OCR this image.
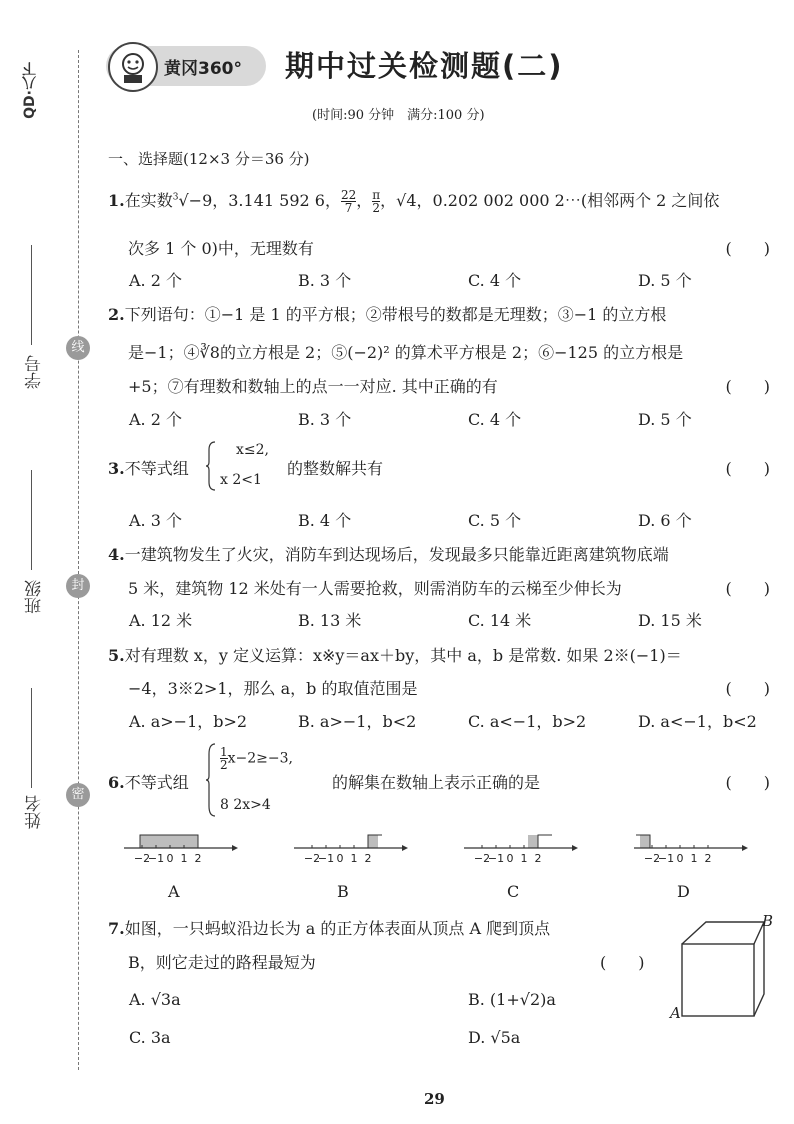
QD·八下
学号
班级
姓名
线
封
密
黄冈360° 期中过关检测题(二)
(时间:90 分钟　满分:100 分)
一、选择题(12×3 分＝36 分)
1.在实数$^3$√−9，3.141 592 6， $\frac{22}{7}$ ， $\frac{\pi}{2}$ ，√4，0.202 002 000 2⋯(相邻两个 2 之间依
次多 1 个 0)中，无理数有	(　　)
A. 2 个	B. 3 个	C. 4 个	D. 5 个
2.下列语句：①−1 是 1 的平方根；②带根号的数都是无理数；③−1 的立方根
是−1；④∛8的立方根是 2；⑤(−2)² 的算术平方根是 2；⑥−125 的立方根是
+5；⑦有理数和数轴上的点一一对应. 其中正确的有	(　　)
A. 2 个	B. 3 个	C. 4 个	D. 5 个
3.不等式组
x≤2,
x 2<1
的整数解共有	(　　)
A. 3 个	B. 4 个	C. 5 个	D. 6 个
4.一建筑物发生了火灾，消防车到达现场后，发现最多只能靠近距离建筑物底端
5 米，建筑物 12 米处有一人需要抢救，则需消防车的云梯至少伸长为	(　　)
A. 12 米	B. 13 米	C. 14 米	D. 15 米
5.对有理数 x，y 定义运算：x※y＝ax＋by，其中 a，b 是常数. 如果 2※(−1)＝
−4，3※2>1，那么 a，b 的取值范围是	(　　)
A. a>−1，b>2	B. a>−1，b<2	C. a<−1，b>2	D. a<−1，b<2
6.不等式组
$\frac{1}{2} x-2\ge-3$,
8 2x>4
的解集在数轴上表示正确的是	(　　)
−2
−1 0 1 2	−2
−1 0 1 2	−2
−1 0 1 2	−2
−1 0 1 2
A	B	C	D
7.如图，一只蚂蚁沿边长为 a 的正方体表面从顶点 A 爬到顶点
B，则它走过的路程最短为	(　　)
A. √3a	B. (1+√2)a
C. 3a	D. √5a
A
B
29
